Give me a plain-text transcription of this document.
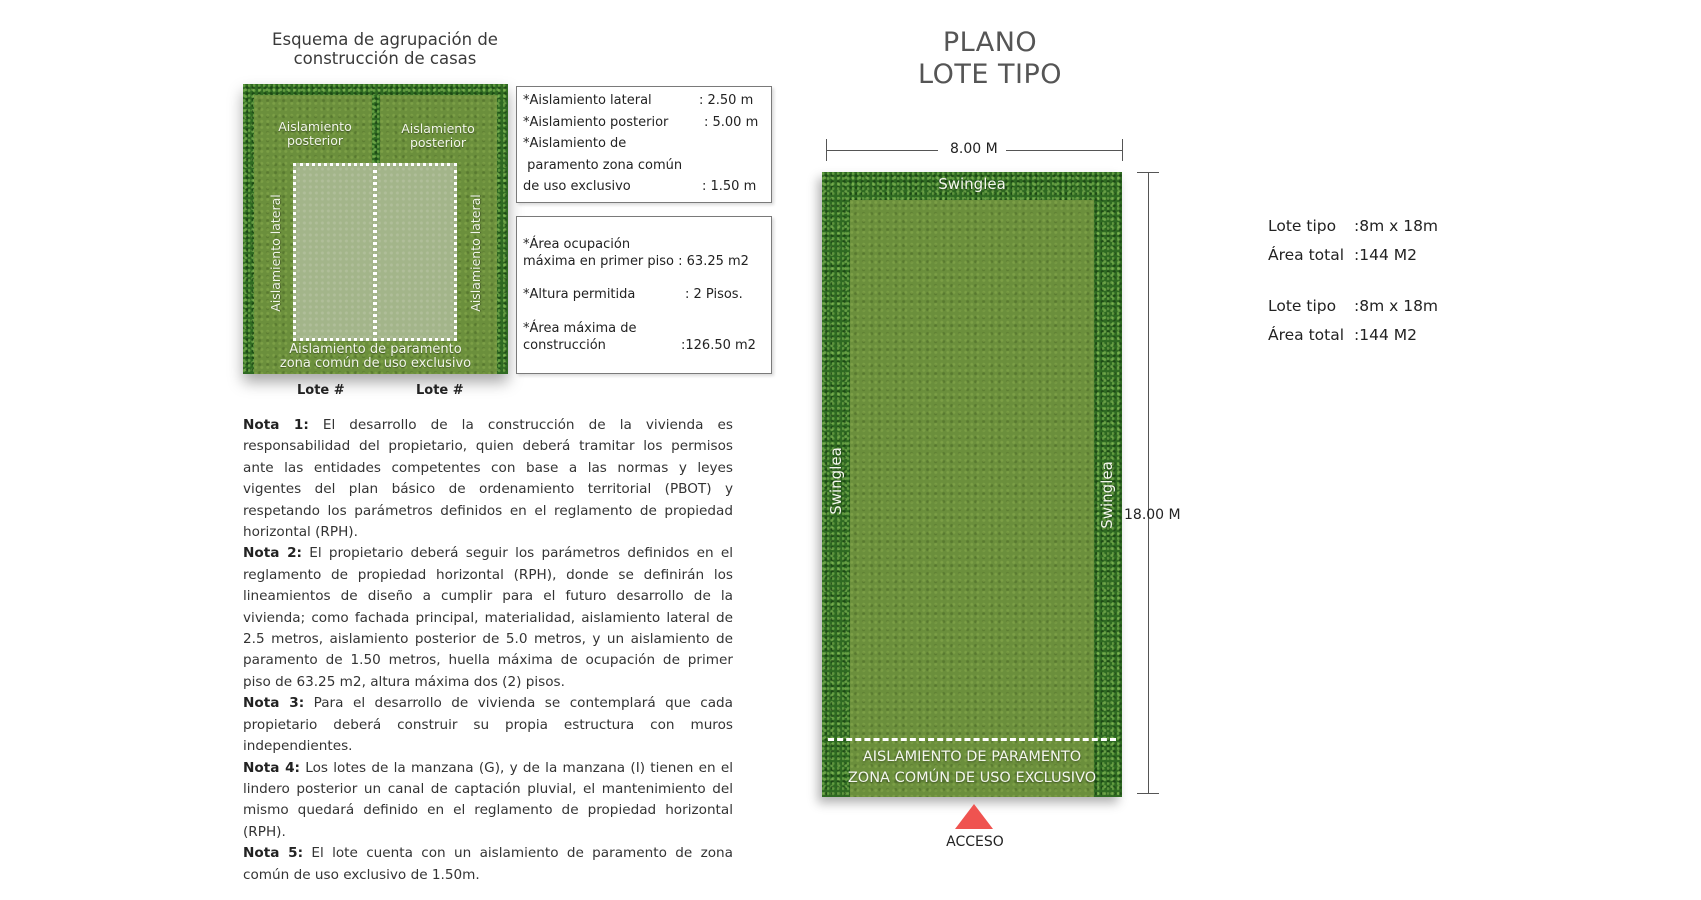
Esquema de agrupación de
construcción de casas
Aislamiento
posterior
Aislamiento
posterior
Aislamiento lateral	Aislamiento lateral
Aislamiento de paramento
zona común de uso exclusivo
Lote #	Lote #
*Aislamiento lateral	: 2.50 m
*Aislamiento posterior	: 5.00 m
*Aislamiento de
paramento zona común
de uso exclusivo	: 1.50 m
*Área ocupación
máxima en primer piso : 63.25 m2
*Altura permitida	: 2 Pisos.
*Área máxima de
construcción	:126.50 m2
Nota 1: El desarrollo de la construcción de la vivienda es responsabilidad del propietario, quien deberá tramitar los permisos ante las entidades competentes con base a las normas y leyes vigentes del plan básico de ordenamiento territorial (PBOT) y respetando los parámetros definidos en el reglamento de propiedad horizontal (RPH).
Nota 2: El propietario deberá seguir los parámetros definidos en el reglamento de propiedad horizontal (RPH), donde se definirán los lineamientos de diseño a cumplir para el futuro desarrollo de la vivienda; como fachada principal, materialidad, aislamiento lateral de 2.5 metros, aislamiento posterior de 5.0 metros, y un aislamiento de paramento de 1.50 metros, huella máxima de ocupación de primer piso de 63.25 m2, altura máxima dos (2) pisos.
Nota 3: Para el desarrollo de vivienda se contemplará que cada propietario deberá construir su propia estructura con muros independientes.
Nota 4: Los lotes de la manzana (G), y de la manzana (I) tienen en el lindero posterior un canal de captación pluvial, el mantenimiento del mismo quedará definido en el reglamento de propiedad horizontal (RPH).
Nota 5: El lote cuenta con un aislamiento de paramento de zona común de uso exclusivo de 1.50m.
PLANO
LOTE TIPO
8.00 M
Swinglea
Swinglea	Swinglea
AISLAMIENTO DE PARAMENTO
ZONA COMÚN DE USO EXCLUSIVO
18.00 M
ACCESO
Lote tipo :8m x 18m
Área total :144 M2
Lote tipo :8m x 18m
Área total :144 M2
